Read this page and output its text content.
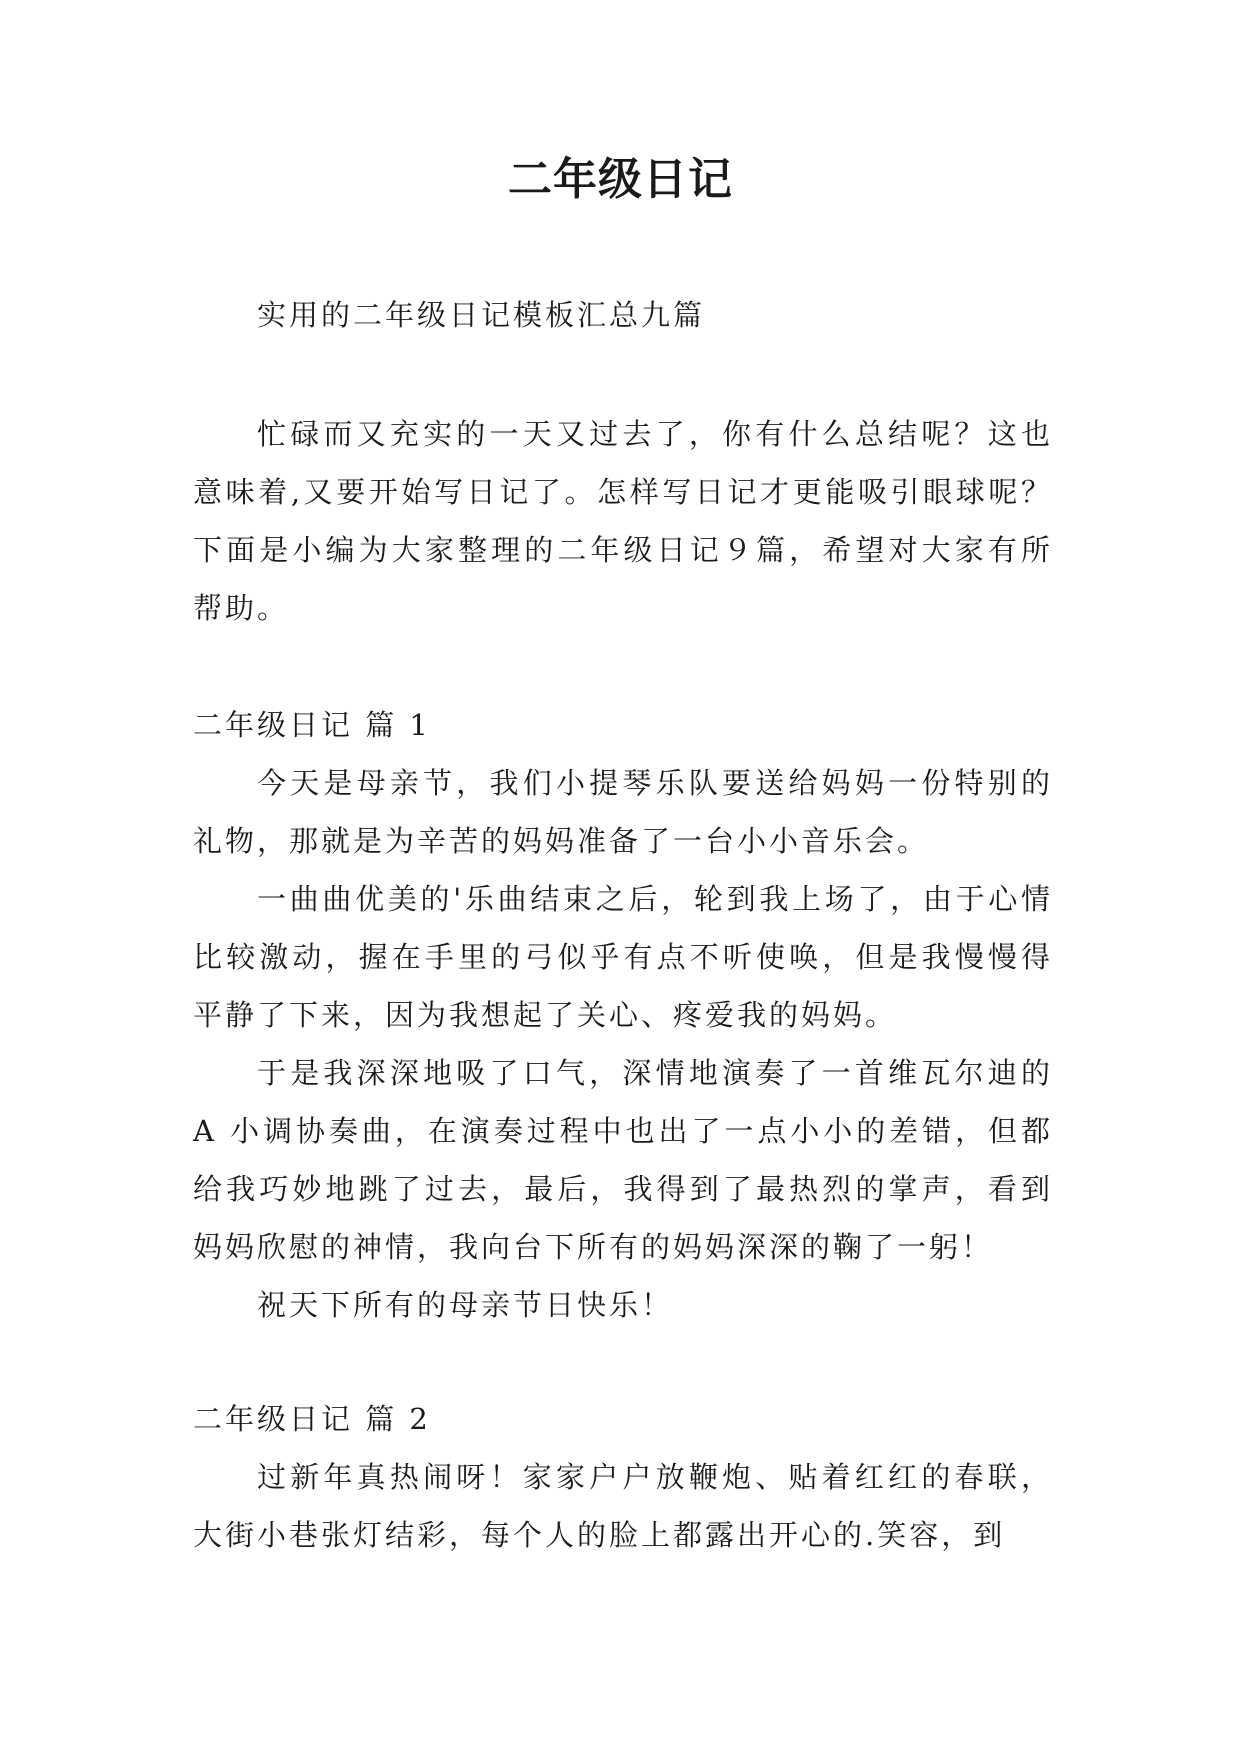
二年级日记

实用的二年级日记模板汇总九篇

忙碌而又充实的一天又过去了，你有什么总结呢？这也意味着,又要开始写日记了。怎样写日记才更能吸引眼球呢？下面是小编为大家整理的二年级日记９篇，希望对大家有所帮助。

二年级日记 篇 1

今天是母亲节，我们小提琴乐队要送给妈妈一份特别的礼物，那就是为辛苦的妈妈准备了一台小小音乐会。

一曲曲优美的'乐曲结束之后，轮到我上场了，由于心情比较激动，握在手里的弓似乎有点不听使唤，但是我慢慢得平静了下来，因为我想起了关心、疼爱我的妈妈。

于是我深深地吸了口气，深情地演奏了一首维瓦尔迪的 A 小调协奏曲，在演奏过程中也出了一点小小的差错，但都给我巧妙地跳了过去，最后，我得到了最热烈的掌声，看到妈妈欣慰的神情，我向台下所有的妈妈深深的鞠了一躬！

祝天下所有的母亲节日快乐！

二年级日记 篇 2

过新年真热闹呀！家家户户放鞭炮、贴着红红的春联，大街小巷张灯结彩，每个人的脸上都露出开心的.笑容，到
